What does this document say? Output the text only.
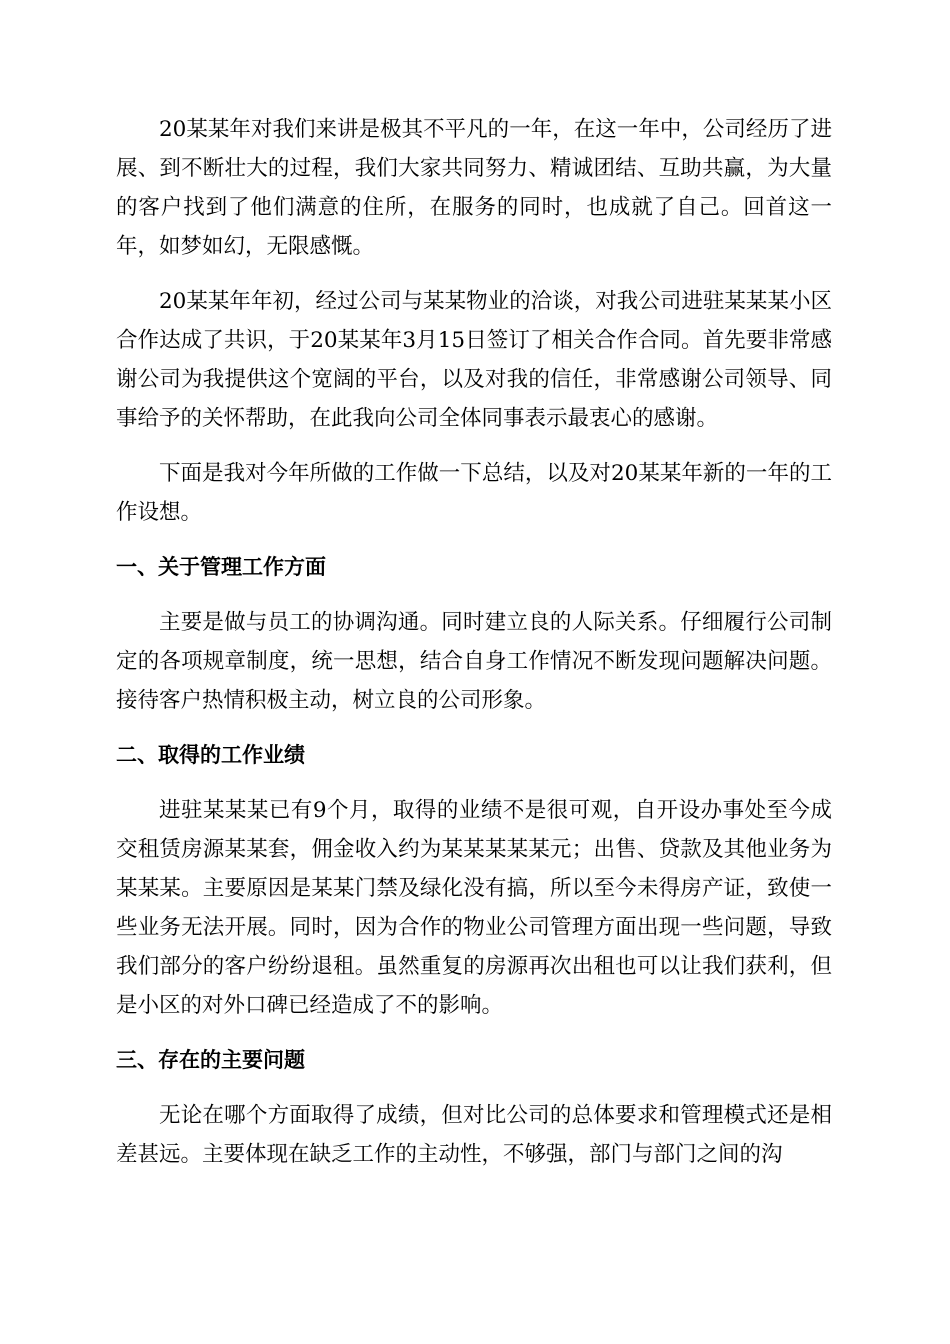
20某某年对我们来讲是极其不平凡的一年，在这一年中，公司经历了进展、到不断壮大的过程，我们大家共同努力、精诚团结、互助共赢，为大量的客户找到了他们满意的住所，在服务的同时，也成就了自己。回首这一年，如梦如幻，无限感慨。

20某某年年初，经过公司与某某物业的洽谈，对我公司进驻某某某小区合作达成了共识，于20某某年3月15日签订了相关合作合同。首先要非常感谢公司为我提供这个宽阔的平台，以及对我的信任，非常感谢公司领导、同事给予的关怀帮助，在此我向公司全体同事表示最衷心的感谢。

下面是我对今年所做的工作做一下总结，以及对20某某年新的一年的工作设想。

一、关于管理工作方面

主要是做与员工的协调沟通。同时建立良的人际关系。仔细履行公司制定的各项规章制度，统一思想，结合自身工作情况不断发现问题解决问题。接待客户热情积极主动，树立良的公司形象。

二、取得的工作业绩

进驻某某某已有9个月，取得的业绩不是很可观，自开设办事处至今成交租赁房源某某套，佣金收入约为某某某某某元；出售、贷款及其他业务为某某某。主要原因是某某门禁及绿化没有搞，所以至今未得房产证，致使一些业务无法开展。同时，因为合作的物业公司管理方面出现一些问题，导致我们部分的客户纷纷退租。虽然重复的房源再次出租也可以让我们获利，但是小区的对外口碑已经造成了不的影响。

三、存在的主要问题

无论在哪个方面取得了成绩，但对比公司的总体要求和管理模式还是相差甚远。主要体现在缺乏工作的主动性，不够强，部门与部门之间的沟
